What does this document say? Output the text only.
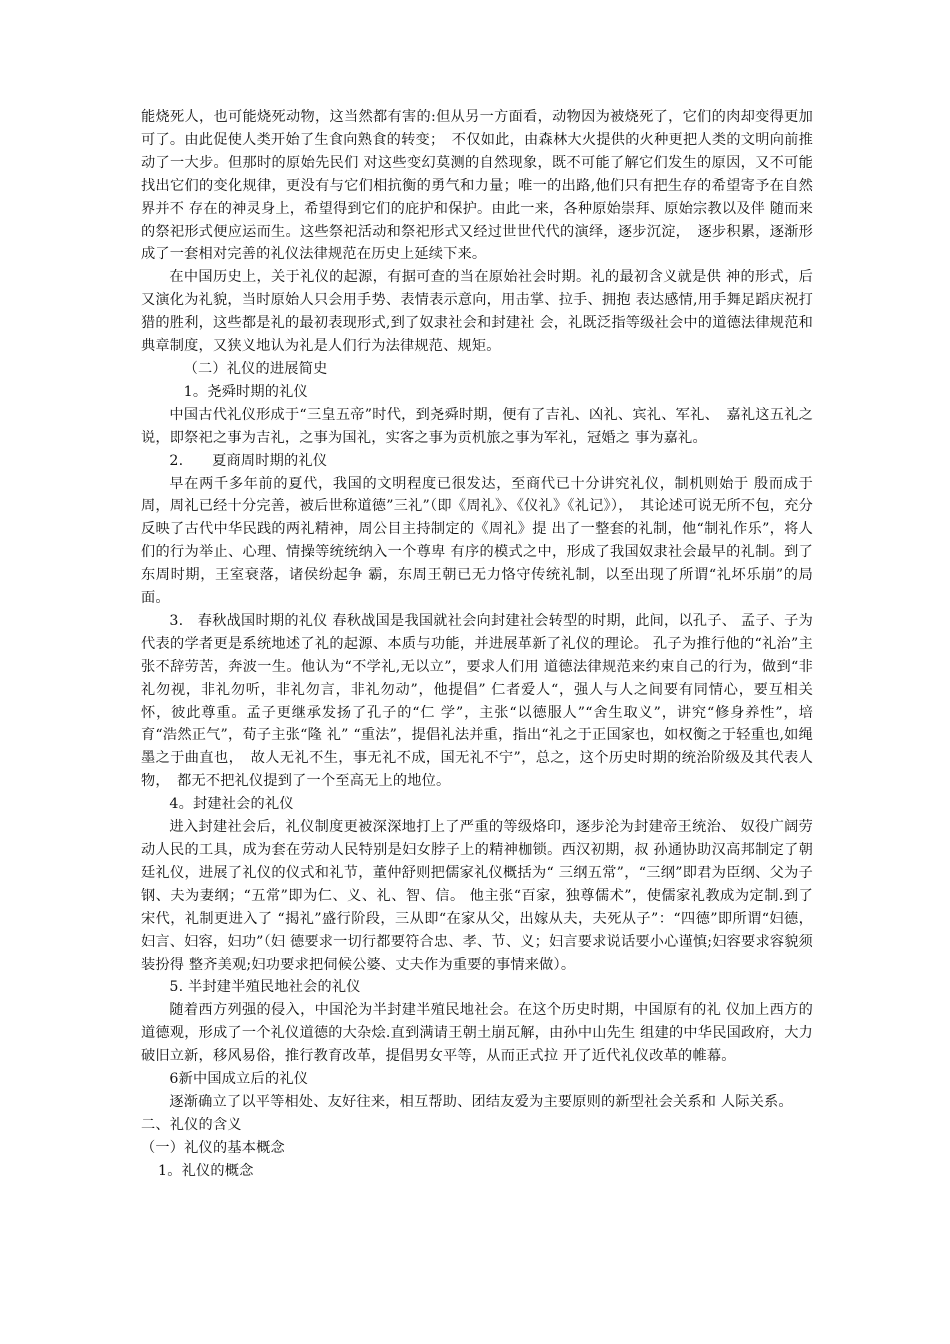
能烧死人，也可能烧死动物，这当然都有害的:但从另一方面看，动物因为被烧死了，它们的肉却变得更加可了。由此促使人类开始了生食向熟食的转变；　不仅如此，由森林大火提供的火种更把人类的文明向前推动了一大步。但那时的原始先民们 对这些变幻莫测的自然现象，既不可能了解它们发生的原因，又不可能找出它们的变化规律，更没有与它们相抗衡的勇气和力量；唯一的出路,他们只有把生存的希望寄予在自然界并不 存在的神灵身上，希望得到它们的庇护和保护。由此一来，各种原始崇拜、原始宗教以及伴 随而来的祭祀形式便应运而生。这些祭祀活动和祭祀形式又经过世世代代的演绎，逐步沉淀，　逐步积累，逐渐形成了一套相对完善的礼仪法律规范在历史上延续下来。

在中国历史上，关于礼仪的起源，有据可查的当在原始社会时期。礼的最初含义就是供 神的形式，后又演化为礼貌，当时原始人只会用手势、表情表示意向，用击掌、拉手、拥抱 表达感情,用手舞足蹈庆祝打猎的胜利，这些都是礼的最初表现形式,到了奴隶社会和封建社 会，礼既泛指等级社会中的道德法律规范和典章制度，又狭义地认为礼是人们行为法律规范、规矩。

（二）礼仪的进展简史

1。尧舜时期的礼仪

中国古代礼仪形成于“三皇五帝”时代，到尧舜时期，便有了吉礼、凶礼、宾礼、军礼、　嘉礼这五礼之说，即祭祀之事为吉礼，之事为国礼，实客之事为贡机旅之事为军礼，冠婚之 事为嘉礼。

2.　　夏商周时期的礼仪

早在两千多年前的夏代，我国的文明程度已很发达，至商代已十分讲究礼仪，制机则始于 殷而成于周，周礼已经十分完善，被后世称道德”三礼”（即《周礼》、《仪礼》《礼记》），　其论述可说无所不包，充分反映了古代中华民践的两礼精神，周公目主持制定的《周礼》提 出了一整套的礼制，他“制礼作乐”，将人们的行为举止、心理、情操等统统纳入一个尊卑 有序的模式之中，形成了我国奴隶社会最早的礼制。到了东周时期，王室衰落，诸侯纷起争 霸，东周王朝已无力恪守传统礼制，以至出现了所谓“礼坏乐崩”的局面。

3.　春秋战国时期的礼仪 春秋战国是我国就社会向封建社会转型的时期，此间，以孔子、 孟子、子为代表的学者更是系统地述了礼的起源、本质与功能，并进展革新了礼仪的理论。 孔子为推行他的“礼治”主张不辞劳苦，奔波一生。他认为“不学礼,无以立”，要求人们用 道德法律规范来约束自己的行为，做到“非礼勿视，非礼勿听，非礼勿言，非礼勿动”，他提倡” 仁者爱人“，强人与人之间要有同情心，要互相关怀，彼此尊重。孟子更继承发扬了孔子的“仁 学”，主张“以德服人”“舍生取义”，讲究“修身养性”，培育“浩然正气”，荀子主张“隆 礼” “重法”，提倡礼法并重，指出“礼之于正国家也，如权衡之于轻重也,如绳墨之于曲直也，　故人无礼不生，事无礼不成，国无礼不宁”，总之，这个历史时期的统治阶级及其代表人物，　都无不把礼仪提到了一个至高无上的地位。

4。封建社会的礼仪

进入封建社会后，礼仪制度更被深深地打上了严重的等级烙印，逐步沦为封建帝王统治、 奴役广阔劳动人民的工具，成为套在劳动人民特别是妇女脖子上的精神枷锁。西汉初期，叔 孙通协助汉高邦制定了朝廷礼仪，进展了礼仪的仪式和礼节，董仲舒则把儒家礼仪概括为“ 三纲五常”，“三纲”即君为臣纲、父为子钢、夫为妻纲；“五常”即为仁、义、礼、智、信。 他主张“百家，独尊儒术”，使儒家礼教成为定制.到了宋代，礼制更进入了 “揭礼”盛行阶段，三从即“在家从父，出嫁从夫，夫死从子”：“四德”即所谓“妇德，妇言、妇容，妇功”（妇 德要求一切行都要符合忠、孝、节、义；妇言要求说话要小心谨慎;妇容要求容貌须装扮得 整齐美观;妇功要求把伺候公婆、丈夫作为重要的事情来做）。

5. 半封建半殖民地社会的礼仪

随着西方列强的侵入，中国沦为半封建半殖民地社会。在这个历史时期，中国原有的礼 仪加上西方的道德观，形成了一个礼仪道德的大杂烩.直到满请王朝土崩瓦解，由孙中山先生 组建的中华民国政府，大力破旧立新，移风易俗，推行教育改革，提倡男女平等，从而正式拉 开了近代礼仪改革的帷幕。

6新中国成立后的礼仪

逐渐确立了以平等相处、友好往来，相互帮助、团结友爱为主要原则的新型社会关系和 人际关系。

二、礼仪的含义

（一）礼仪的基本概念

1。礼仪的概念
